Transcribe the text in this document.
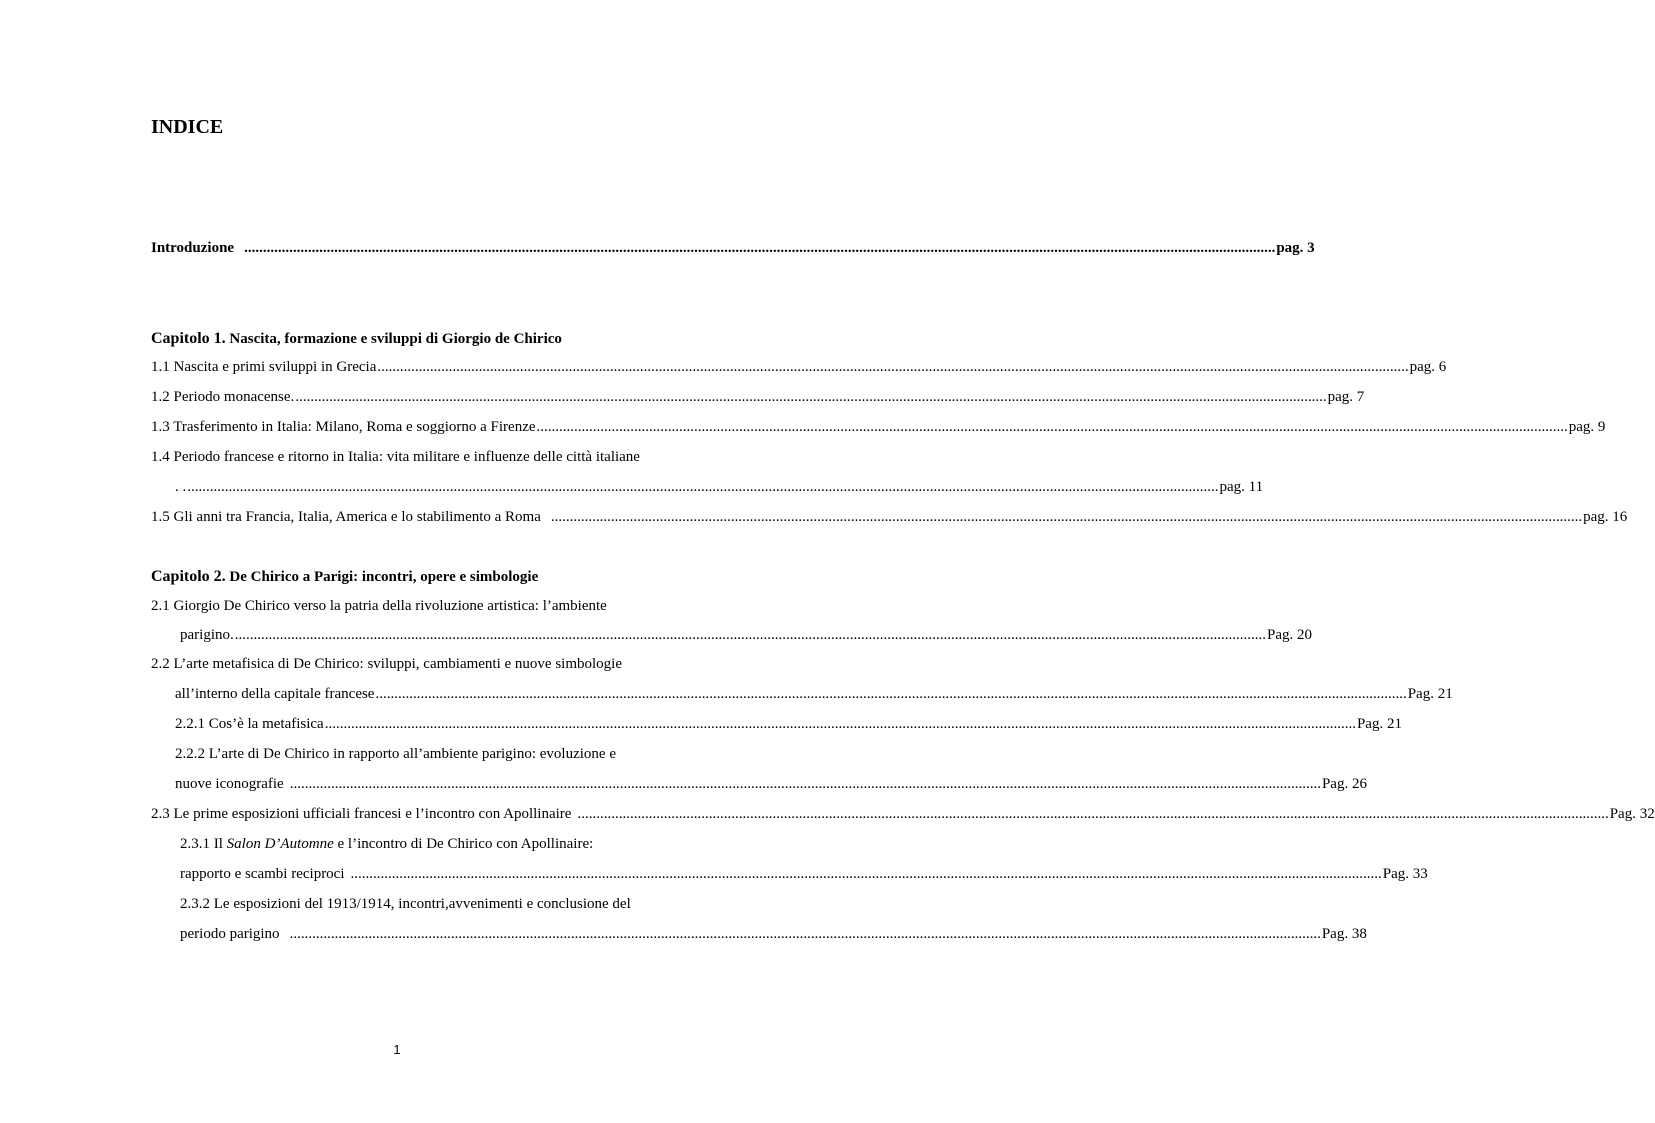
INDICE
Introduzione ................................................................................................................................................................................................................................................................................... pag. 3
Capitolo 1. Nascita, formazione e sviluppi di Giorgio de Chirico
1.1 Nascita e primi sviluppi in Grecia ................................................................................................................................................................................................................................................................................... pag. 6
1.2 Periodo monacense. ................................................................................................................................................................................................................................................................................... pag. 7
1.3 Trasferimento in Italia: Milano, Roma e soggiorno a Firenze ................................................................................................................................................................................................................................................................................... pag. 9
1.4 Periodo francese e ritorno in Italia: vita militare e influenze delle città italiane
. . ................................................................................................................................................................................................................................................................................... pag. 11
1.5 Gli anni tra Francia, Italia, America e lo stabilimento a Roma ................................................................................................................................................................................................................................................................................... pag. 16
Capitolo 2. De Chirico a Parigi: incontri, opere e simbologie
2.1 Giorgio De Chirico verso la patria della rivoluzione artistica: l’ambiente
parigino. ................................................................................................................................................................................................................................................................................... Pag. 20
2.2 L’arte metafisica di De Chirico: sviluppi, cambiamenti e nuove simbologie
all’interno della capitale francese ................................................................................................................................................................................................................................................................................... Pag. 21
2.2.1 Cos’è la metafisica ................................................................................................................................................................................................................................................................................... Pag. 21
2.2.2 L’arte di De Chirico in rapporto all’ambiente parigino: evoluzione e
nuove iconografie ................................................................................................................................................................................................................................................................................... Pag. 26
2.3 Le prime esposizioni ufficiali francesi e l’incontro con Apollinaire ................................................................................................................................................................................................................................................................................... Pag. 32
2.3.1 Il Salon D’Automne e l’incontro di De Chirico con Apollinaire:
rapporto e scambi reciproci ................................................................................................................................................................................................................................................................................... Pag. 33
2.3.2 Le esposizioni del 1913/1914, incontri,avvenimenti e conclusione del
periodo parigino ................................................................................................................................................................................................................................................................................... Pag. 38
1
